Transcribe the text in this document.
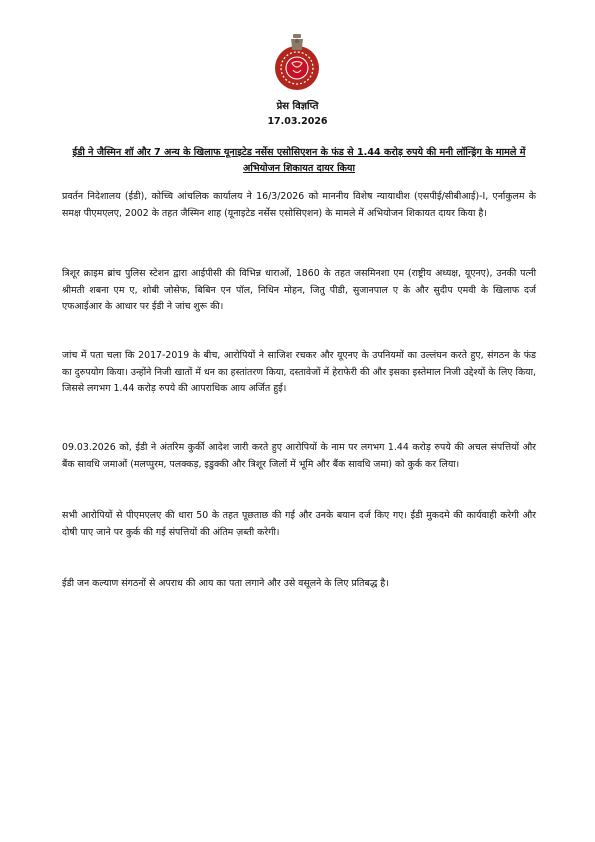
प्रेस विज्ञप्ति
17.03.2026
ईडी ने जैस्मिन शॉ और 7 अन्य के खिलाफ यूनाइटेड नर्सेस एसोसिएशन के फंड से 1.44 करोड़ रुपये की मनी लॉन्ड्रिंग के मामले में अभियोजन शिकायत दायर किया

प्रवर्तन निदेशालय (ईडी), कोच्चि आंचलिक कार्यालय ने 16/3/2026 को माननीय विशेष न्यायाधीश (एसपीई/सीबीआई)-I, एर्नाकुलम के समक्ष पीएमएलए, 2002 के तहत जैस्मिन शाह (यूनाइटेड नर्सेस एसोसिएशन) के मामले में अभियोजन शिकायत दायर किया है।

त्रिशूर क्राइम ब्रांच पुलिस स्टेशन द्वारा आईपीसी की विभिन्न धाराओं, 1860 के तहत जसमिनशा एम (राष्ट्रीय अध्यक्ष, यूएनए), उनकी पत्नी श्रीमती शबना एम ए, शोबी जोसेफ, बिबिन एन पॉल, निधिन मोहन, जितु पीडी, सुजानपाल ए के और सुदीप एमवी के खिलाफ दर्ज एफआईआर के आधार पर ईडी ने जांच शुरू की।

जांच में पता चला कि 2017-2019 के बीच, आरोपियों ने साजिश रचकर और यूएनए के उपनियमों का उल्लंघन करते हुए, संगठन के फंड का दुरुपयोग किया। उन्होंने निजी खातों में धन का हस्तांतरण किया, दस्तावेजों में हेराफेरी की और इसका इस्तेमाल निजी उद्देश्यों के लिए किया, जिससे लगभग 1.44 करोड़ रुपये की आपराधिक आय अर्जित हुई।

09.03.2026 को, ईडी ने अंतरिम कुर्की आदेश जारी करते हुए आरोपियों के नाम पर लगभग 1.44 करोड़ रुपये की अचल संपत्तियों और बैंक सावधि जमाओं (मलप्पुरम, पलक्कड़, इडुक्की और त्रिशूर जिलों में भूमि और बैंक सावधि जमा) को कुर्क कर लिया।

सभी आरोपियों से पीएमएलए की धारा 50 के तहत पूछताछ की गई और उनके बयान दर्ज किए गए। ईडी मुकदमे की कार्यवाही करेगी और दोषी पाए जाने पर कुर्क की गई संपत्तियों की अंतिम ज़ब्ती करेगी।

ईडी जन कल्याण संगठनों से अपराध की आय का पता लगाने और उसे वसूलने के लिए प्रतिबद्ध है।
